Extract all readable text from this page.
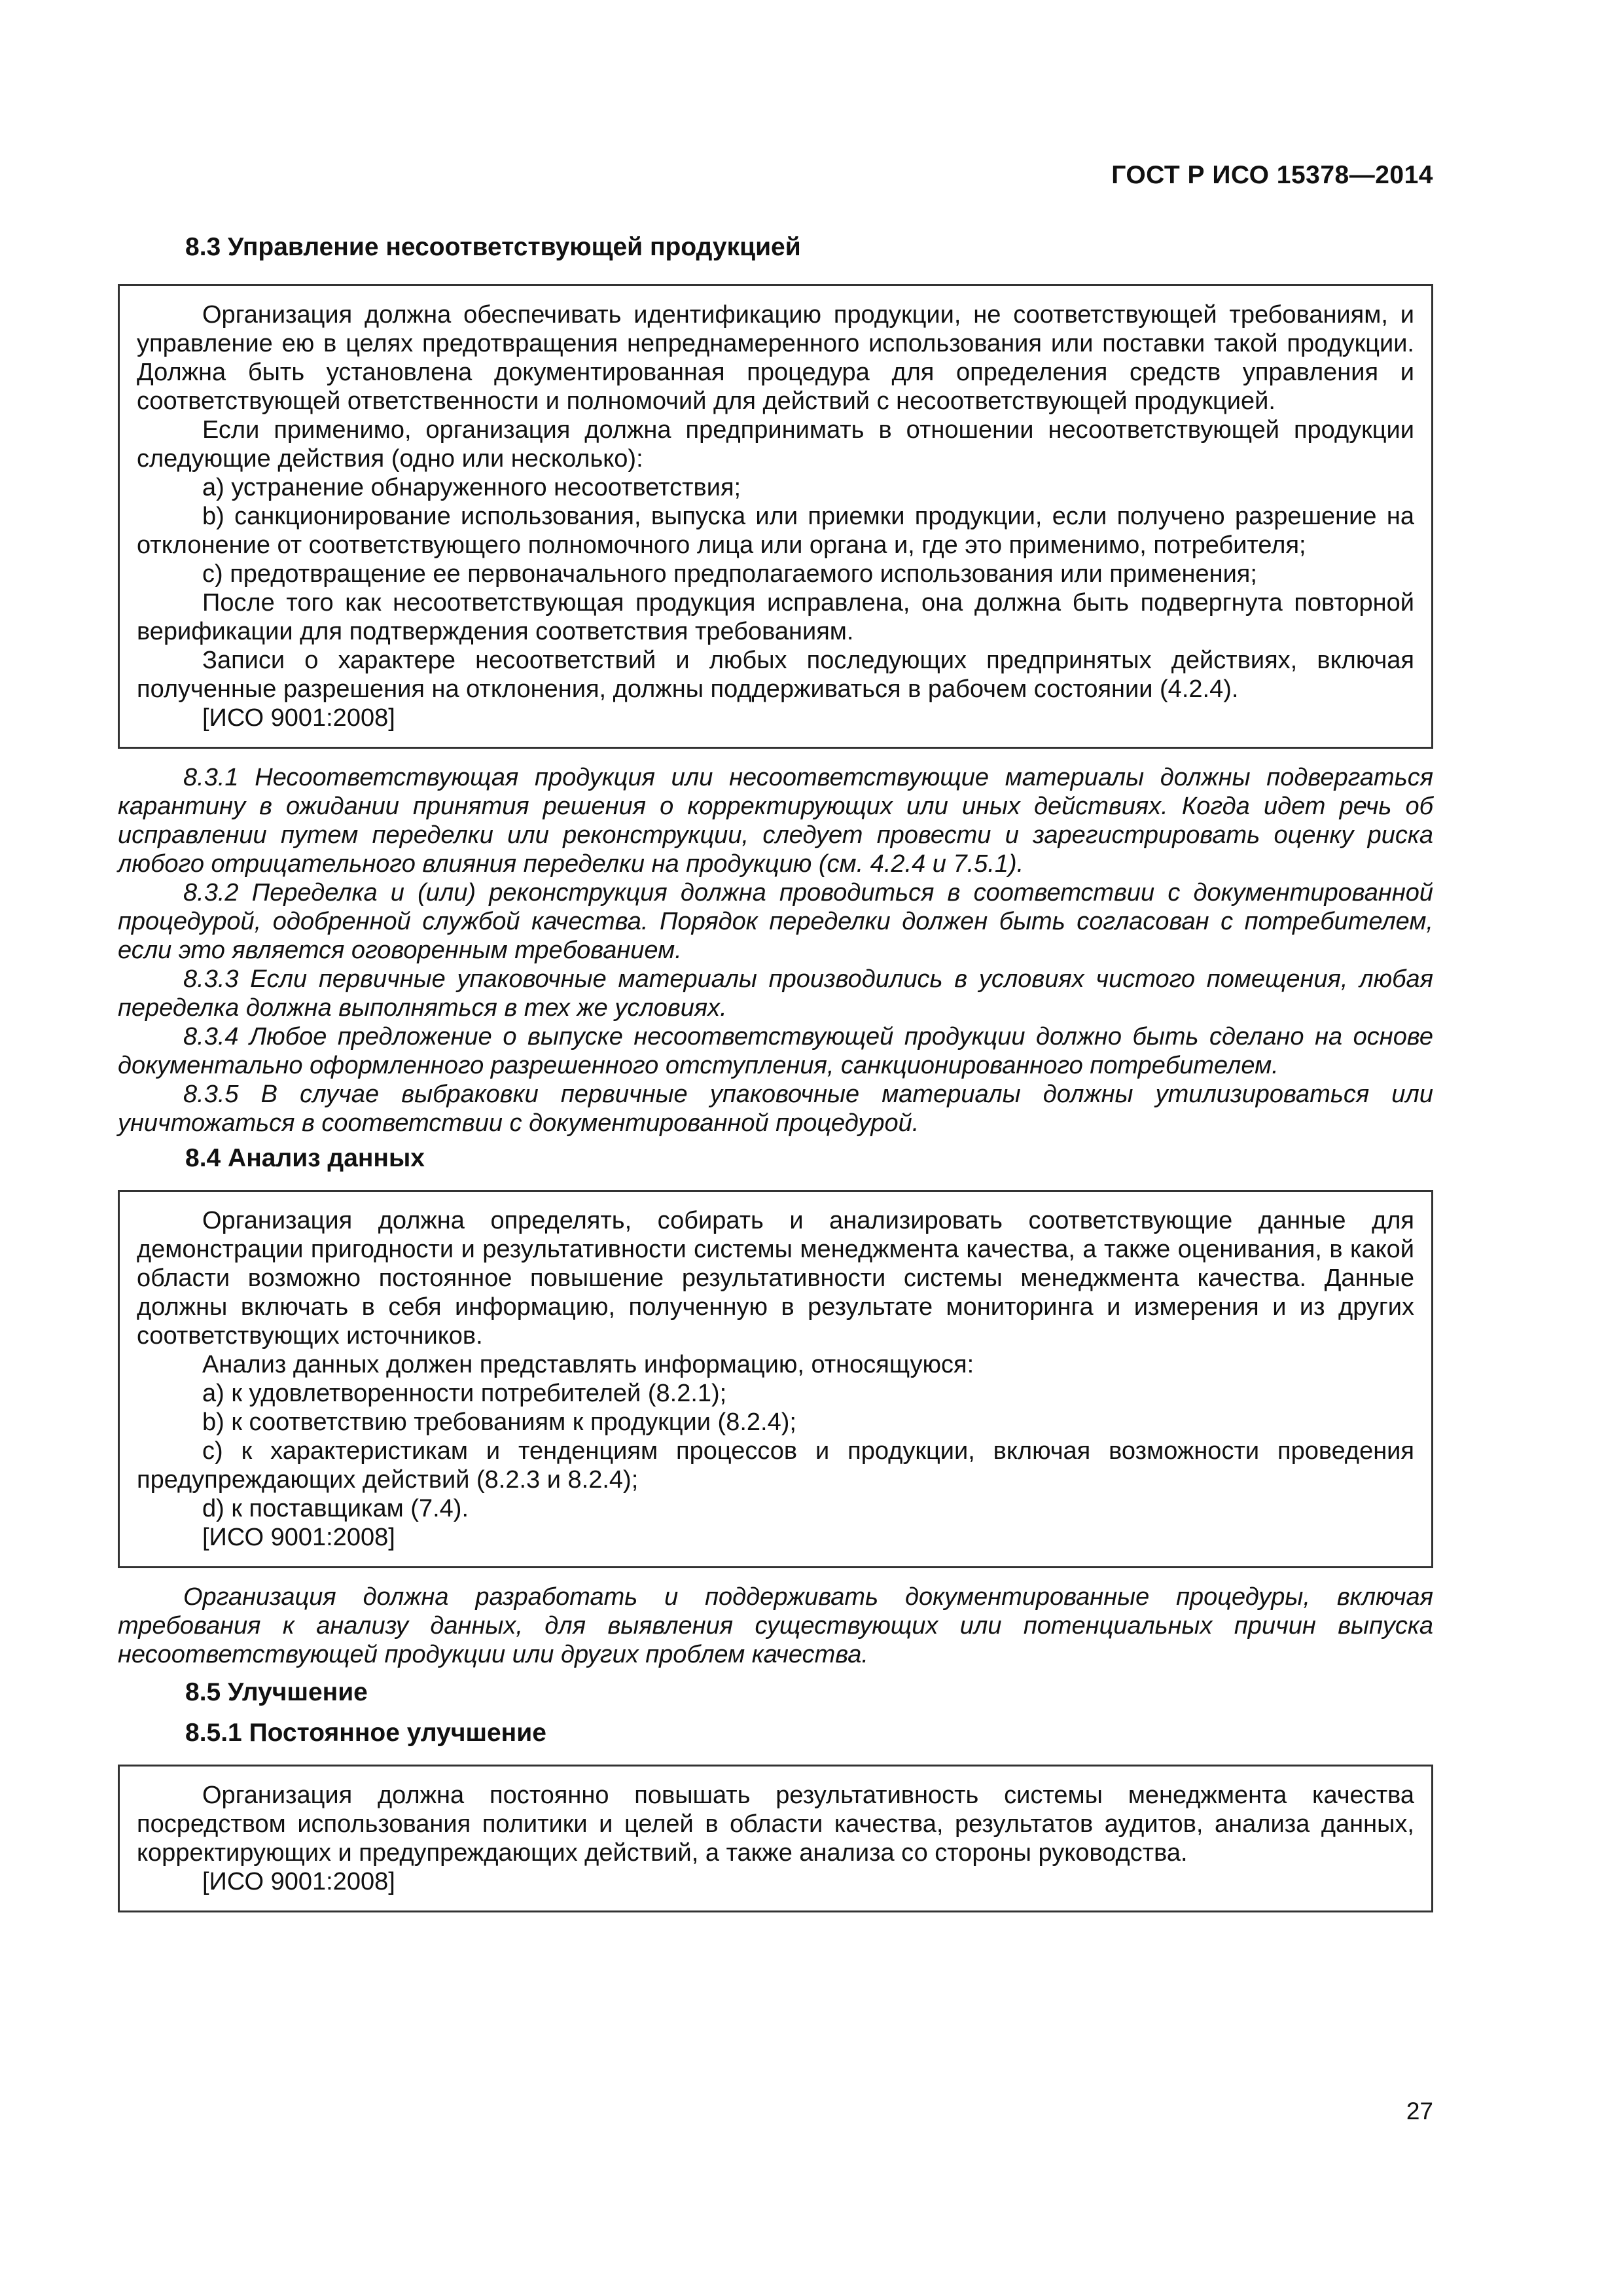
ГОСТ Р ИСО 15378—2014
8.3 Управление несоответствующей продукцией

Организация должна обеспечивать идентификацию продукции, не соответствующей требованиям, и управление ею в целях предотвращения непреднамеренного использования или поставки такой продукции. Должна быть установлена документированная процедура для определения средств управления и соответствующей ответственности и полномочий для действий с несоответствующей продукцией.

Если применимо, организация должна предпринимать в отношении несоответствующей продукции следующие действия (одно или несколько):

a) устранение обнаруженного несоответствия;

b) санкционирование использования, выпуска или приемки продукции, если получено разрешение на отклонение от соответствующего полномочного лица или органа и, где это применимо, потребителя;

c) предотвращение ее первоначального предполагаемого использования или применения;

После того как несоответствующая продукция исправлена, она должна быть подвергнута повторной верификации для подтверждения соответствия требованиям.

Записи о характере несоответствий и любых последующих предпринятых действиях, включая полученные разрешения на отклонения, должны поддерживаться в рабочем состоянии (4.2.4).

[ИСО 9001:2008]

8.3.1 Несоответствующая продукция или несоответствующие материалы должны подвергаться карантину в ожидании принятия решения о корректирующих или иных действиях. Когда идет речь об исправлении путем переделки или реконструкции, следует провести и зарегистрировать оценку риска любого отрицательного влияния переделки на продукцию (см. 4.2.4 и 7.5.1).

8.3.2 Переделка и (или) реконструкция должна проводиться в соответствии с документированной процедурой, одобренной службой качества. Порядок переделки должен быть согласован с потребителем, если это является оговоренным требованием.

8.3.3 Если первичные упаковочные материалы производились в условиях чистого помещения, любая переделка должна выполняться в тех же условиях.

8.3.4 Любое предложение о выпуске несоответствующей продукции должно быть сделано на основе документально оформленного разрешенного отступления, санкционированного потребителем.

8.3.5 В случае выбраковки первичные упаковочные материалы должны утилизироваться или уничтожаться в соответствии с документированной процедурой.

8.4 Анализ данных

Организация должна определять, собирать и анализировать соответствующие данные для демонстрации пригодности и результативности системы менеджмента качества, а также оценивания, в какой области возможно постоянное повышение результативности системы менеджмента качества. Данные должны включать в себя информацию, полученную в результате мониторинга и измерения и из других соответствующих источников.

Анализ данных должен представлять информацию, относящуюся:

a) к удовлетворенности потребителей (8.2.1);

b) к соответствию требованиям к продукции (8.2.4);

c) к характеристикам и тенденциям процессов и продукции, включая возможности проведения предупреждающих действий (8.2.3 и 8.2.4);

d) к поставщикам (7.4).

[ИСО 9001:2008]

Организация должна разработать и поддерживать документированные процедуры, включая требования к анализу данных, для выявления существующих или потенциальных причин выпуска несоответствующей продукции или других проблем качества.

8.5 Улучшение
8.5.1 Постоянное улучшение

Организация должна постоянно повышать результативность системы менеджмента качества посредством использования политики и целей в области качества, результатов аудитов, анализа данных, корректирующих и предупреждающих действий, а также анализа со стороны руководства.

[ИСО 9001:2008]

27
